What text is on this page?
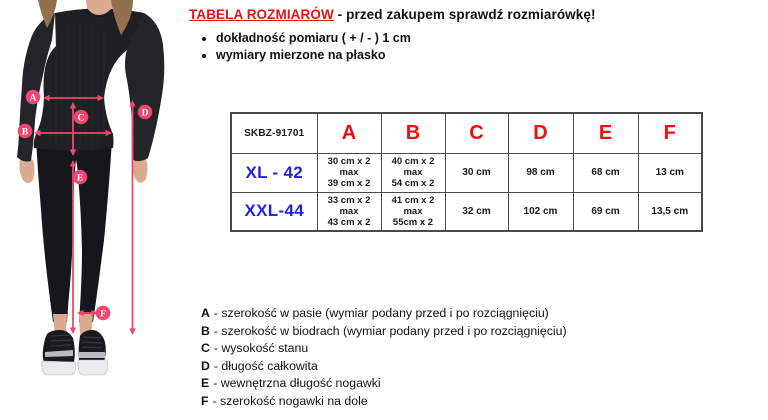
A
B
C	D
E
F
TABELA ROZMIARÓW - przed zakupem sprawdź rozmiarówkę!
• dokładność pomiaru ( + / - ) 1 cm
• wymiary mierzone na płasko
SKBZ-91701	A	B	C	D	E	F
XL - 42	30 cm x 2
max
39 cm x 2	40 cm x 2
max
54 cm x 2	30 cm	98 cm	68 cm	13 cm
XXL-44	33 cm x 2
max
43 cm x 2	41 cm x 2
max
55cm x 2	32 cm	102 cm	69 cm	13,5 cm
A - szerokość w pasie (wymiar podany przed i po rozciągnięciu)
B - szerokość w biodrach (wymiar podany przed i po rozciągnięciu)
C - wysokość stanu
D - długość całkowita
E - wewnętrzna długość nogawki
F - szerokość nogawki na dole
